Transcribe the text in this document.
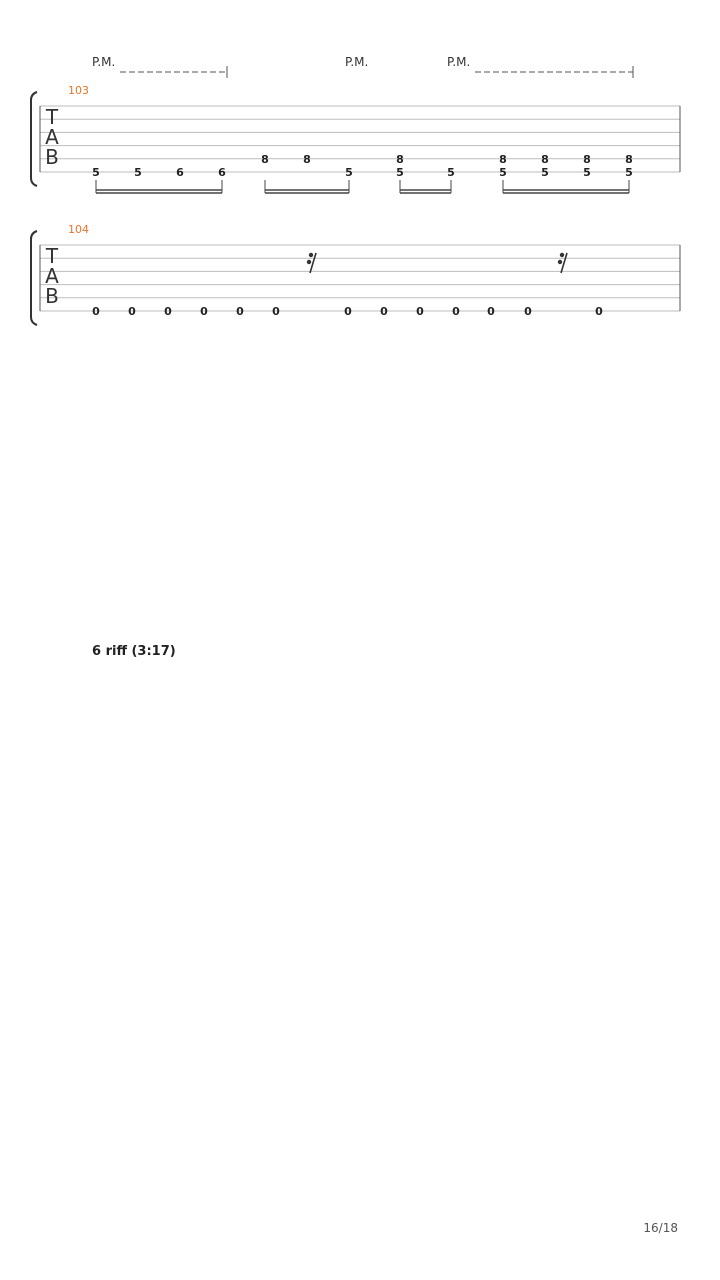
6 riff (3:17)
T
A
B
103
5	5	6	6
8	8
5
8
5	5
8
5
8
5
8
5
8
5
P.M.	P.M.	P.M.
T
A
B
104
0	0	0	0	0	0	0	0	0	0 0	0	0
16/18
